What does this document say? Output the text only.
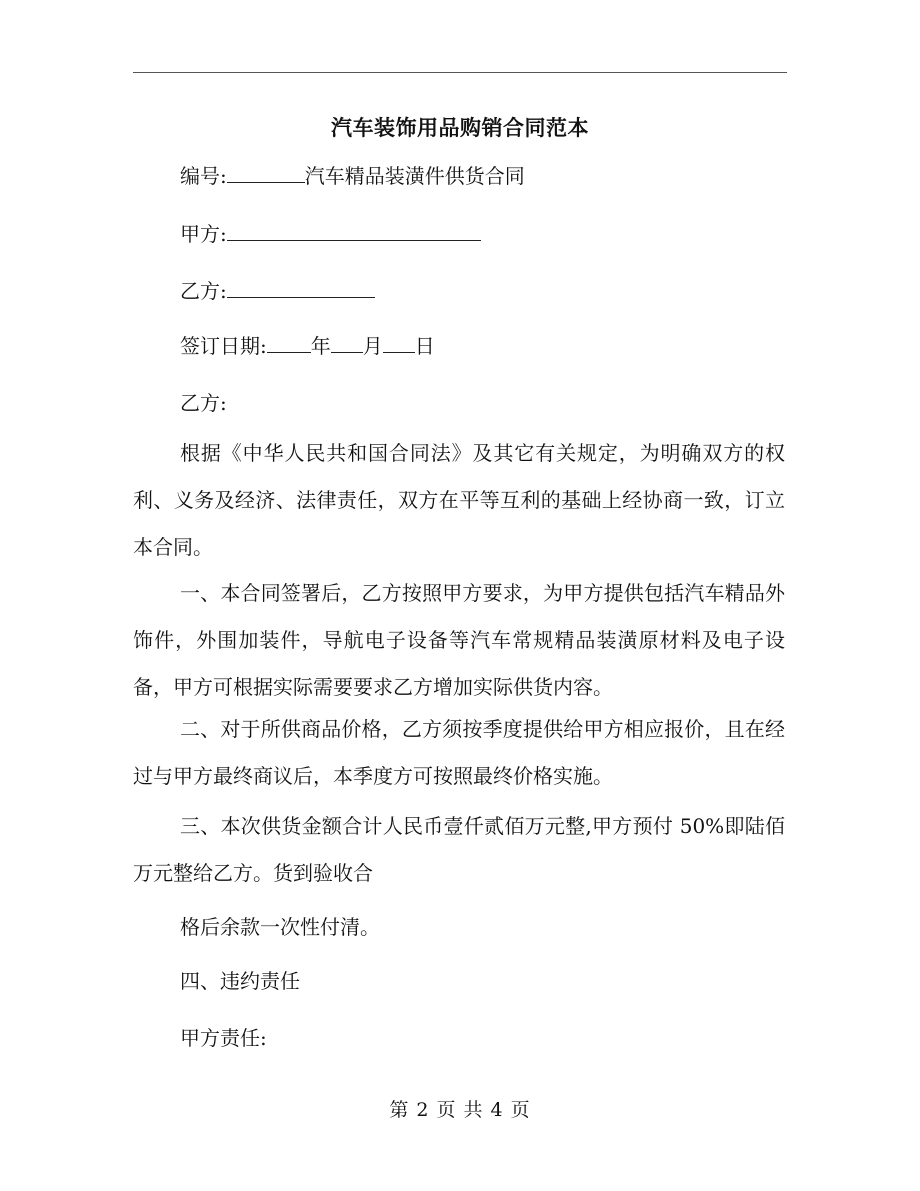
汽车装饰用品购销合同范本
编号:	汽车精品装潢件供货合同
甲方:
乙方:
签订日期: 年 月 日
乙方:
根据《中华人民共和国合同法》及其它有关规定，为明确双方的权利、义务及经济、法律责任，双方在平等互利的基础上经协商一致，订立本合同。
一、本合同签署后，乙方按照甲方要求，为甲方提供包括汽车精品外饰件，外围加装件，导航电子设备等汽车常规精品装潢原材料及电子设备，甲方可根据实际需要要求乙方增加实际供货内容。
二、对于所供商品价格，乙方须按季度提供给甲方相应报价，且在经过与甲方最终商议后，本季度方可按照最终价格实施。
三、本次供货金额合计人民币壹仟贰佰万元整,甲方预付 50%即陆佰万元整给乙方。货到验收合
格后余款一次性付清。
四、违约责任
甲方责任:
第 2 页 共 4 页
